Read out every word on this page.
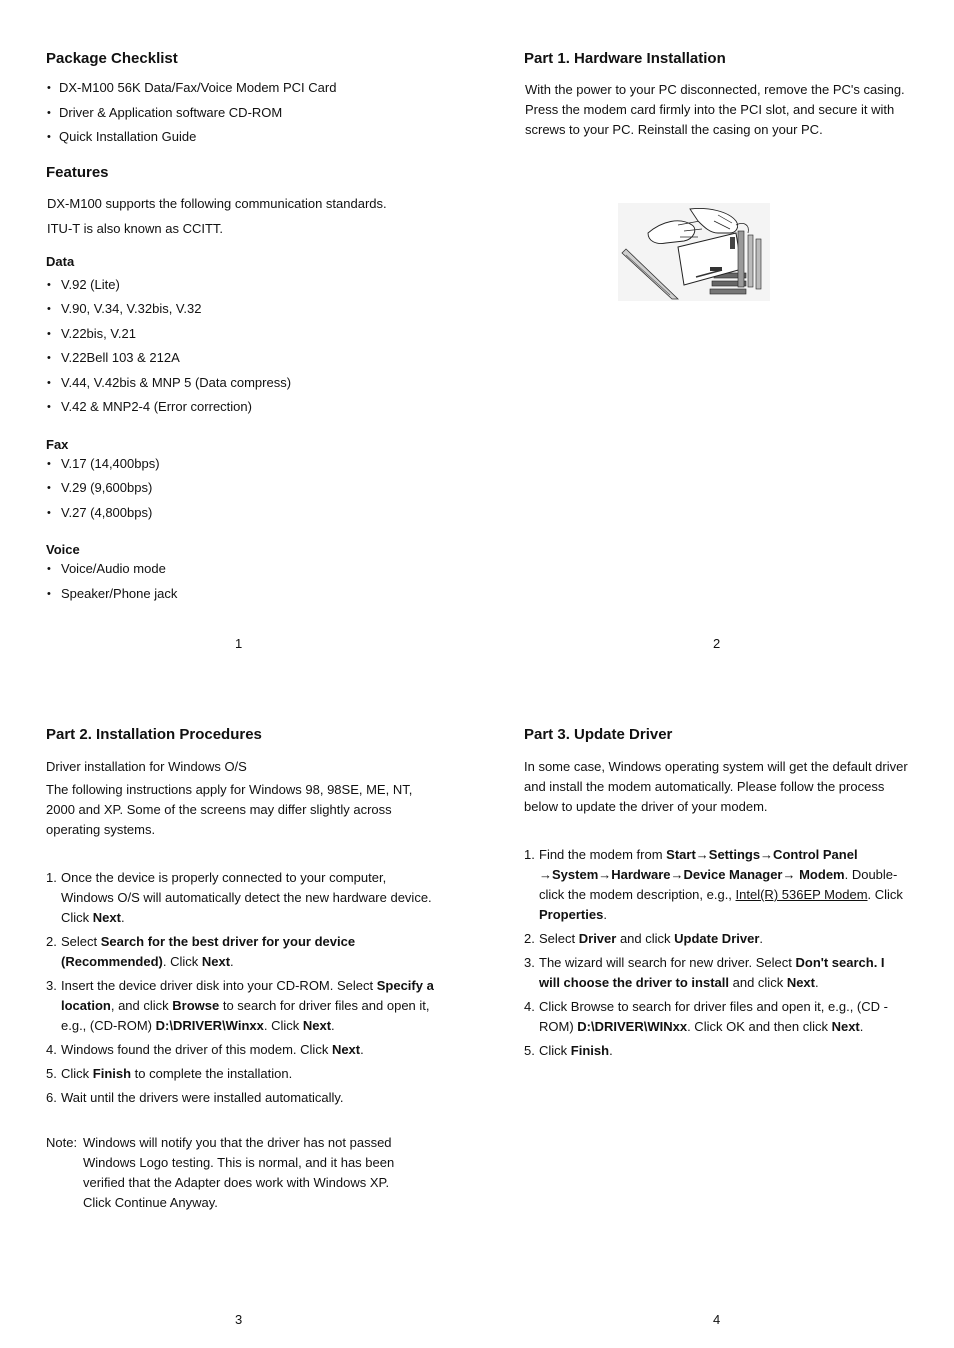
Package Checklist
• DX-M100 56K Data/Fax/Voice Modem PCI Card
• Driver & Application software CD-ROM
• Quick Installation Guide
Features

DX-M100 supports the following communication standards.

ITU-T is also known as CCITT.

Data
• V.92 (Lite)
• V.90, V.34, V.32bis, V.32
• V.22bis, V.21
• V.22Bell 103 & 212A
• V.44, V.42bis & MNP 5 (Data compress)
• V.42 & MNP2-4 (Error correction)
Fax
• V.17 (14,400bps)
• V.29 (9,600bps)
• V.27 (4,800bps)
Voice
• Voice/Audio mode
• Speaker/Phone jack
1
Part 1. Hardware Installation

With the power to your PC disconnected, remove the PC's casing. Press the modem card firmly into the PCI slot, and secure it with screws to your PC. Reinstall the casing on your PC.

2
Part 2. Installation Procedures

Driver installation for Windows O/S

The following instructions apply for Windows 98, 98SE, ME, NT, 2000 and XP. Some of the screens may differ slightly across operating systems.

1. Once the device is properly connected to your computer, Windows O/S will automatically detect the new hardware device. Click Next.
2. Select Search for the best driver for your device (Recommended). Click Next.
3. Insert the device driver disk into your CD-ROM. Select Specify a location, and click Browse to search for driver files and open it, e.g., (CD-ROM) D:\DRIVER\Winxx. Click Next.
4. Windows found the driver of this modem. Click Next.
5. Click Finish to complete the installation.
6. Wait until the drivers were installed automatically.
Note: Windows will notify you that the driver has not passed Windows Logo testing. This is normal, and it has been verified that the Adapter does work with Windows XP. Click Continue Anyway.
3
Part 3. Update Driver

In some case, Windows operating system will get the default driver and install the modem automatically. Please follow the process below to update the driver of your modem.

1. Find the modem from Start→Settings→Control Panel →System→Hardware→Device Manager→ Modem. Double-click the modem description, e.g., Intel(R) 536EP Modem. Click Properties.
2. Select Driver and click Update Driver.
3. The wizard will search for new driver. Select Don't search. I will choose the driver to install and click Next.
4. Click Browse to search for driver files and open it, e.g., (CD -ROM) D:\DRIVER\WINxx. Click OK and then click Next.
5. Click Finish.
4
